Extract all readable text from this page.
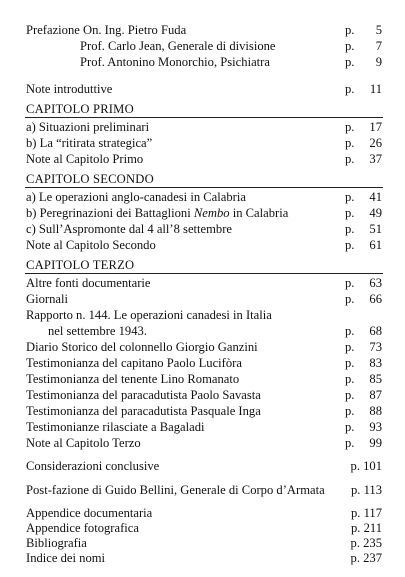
Prefazione On. Ing. Pietro Fuda	p.	5
Prof. Carlo Jean, Generale di divisione	p.	7
Prof. Antonino Monorchio, Psichiatra	p.	9
Note introduttive	p.	11
CAPITOLO PRIMO
a) Situazioni preliminari	p.	17
b) La “ritirata strategica”	p.	26
Note al Capitolo Primo	p.	37
CAPITOLO SECONDO
a) Le operazioni anglo-canadesi in Calabria	p.	41
b) Peregrinazioni dei Battaglioni Nembo in Calabria	p.	49
c) Sull’Aspromonte dal 4 all’8 settembre	p.	51
Note al Capitolo Secondo	p.	61
CAPITOLO TERZO
Altre fonti documentarie	p.	63
Giornali	p.	66
Rapporto n. 144. Le operazioni canadesi in Italia
nel settembre 1943.	p.	68
Diario Storico del colonnello Giorgio Ganzini	p.	73
Testimonianza del capitano Paolo Lucifòra	p.	83
Testimonianza del tenente Lino Romanato	p.	85
Testimonianza del paracadutista Paolo Savasta	p.	87
Testimonianza del paracadutista Pasquale Inga	p.	88
Testimonianze rilasciate a Bagaladi	p.	93
Note al Capitolo Terzo	p.	99
Considerazioni conclusive	p. 101
Post-fazione di Guido Bellini, Generale di Corpo d’Armata	p. 113
Appendice documentaria	p. 117
Appendice fotografica	p. 211
Bibliografia	p. 235
Indice dei nomi	p. 237
